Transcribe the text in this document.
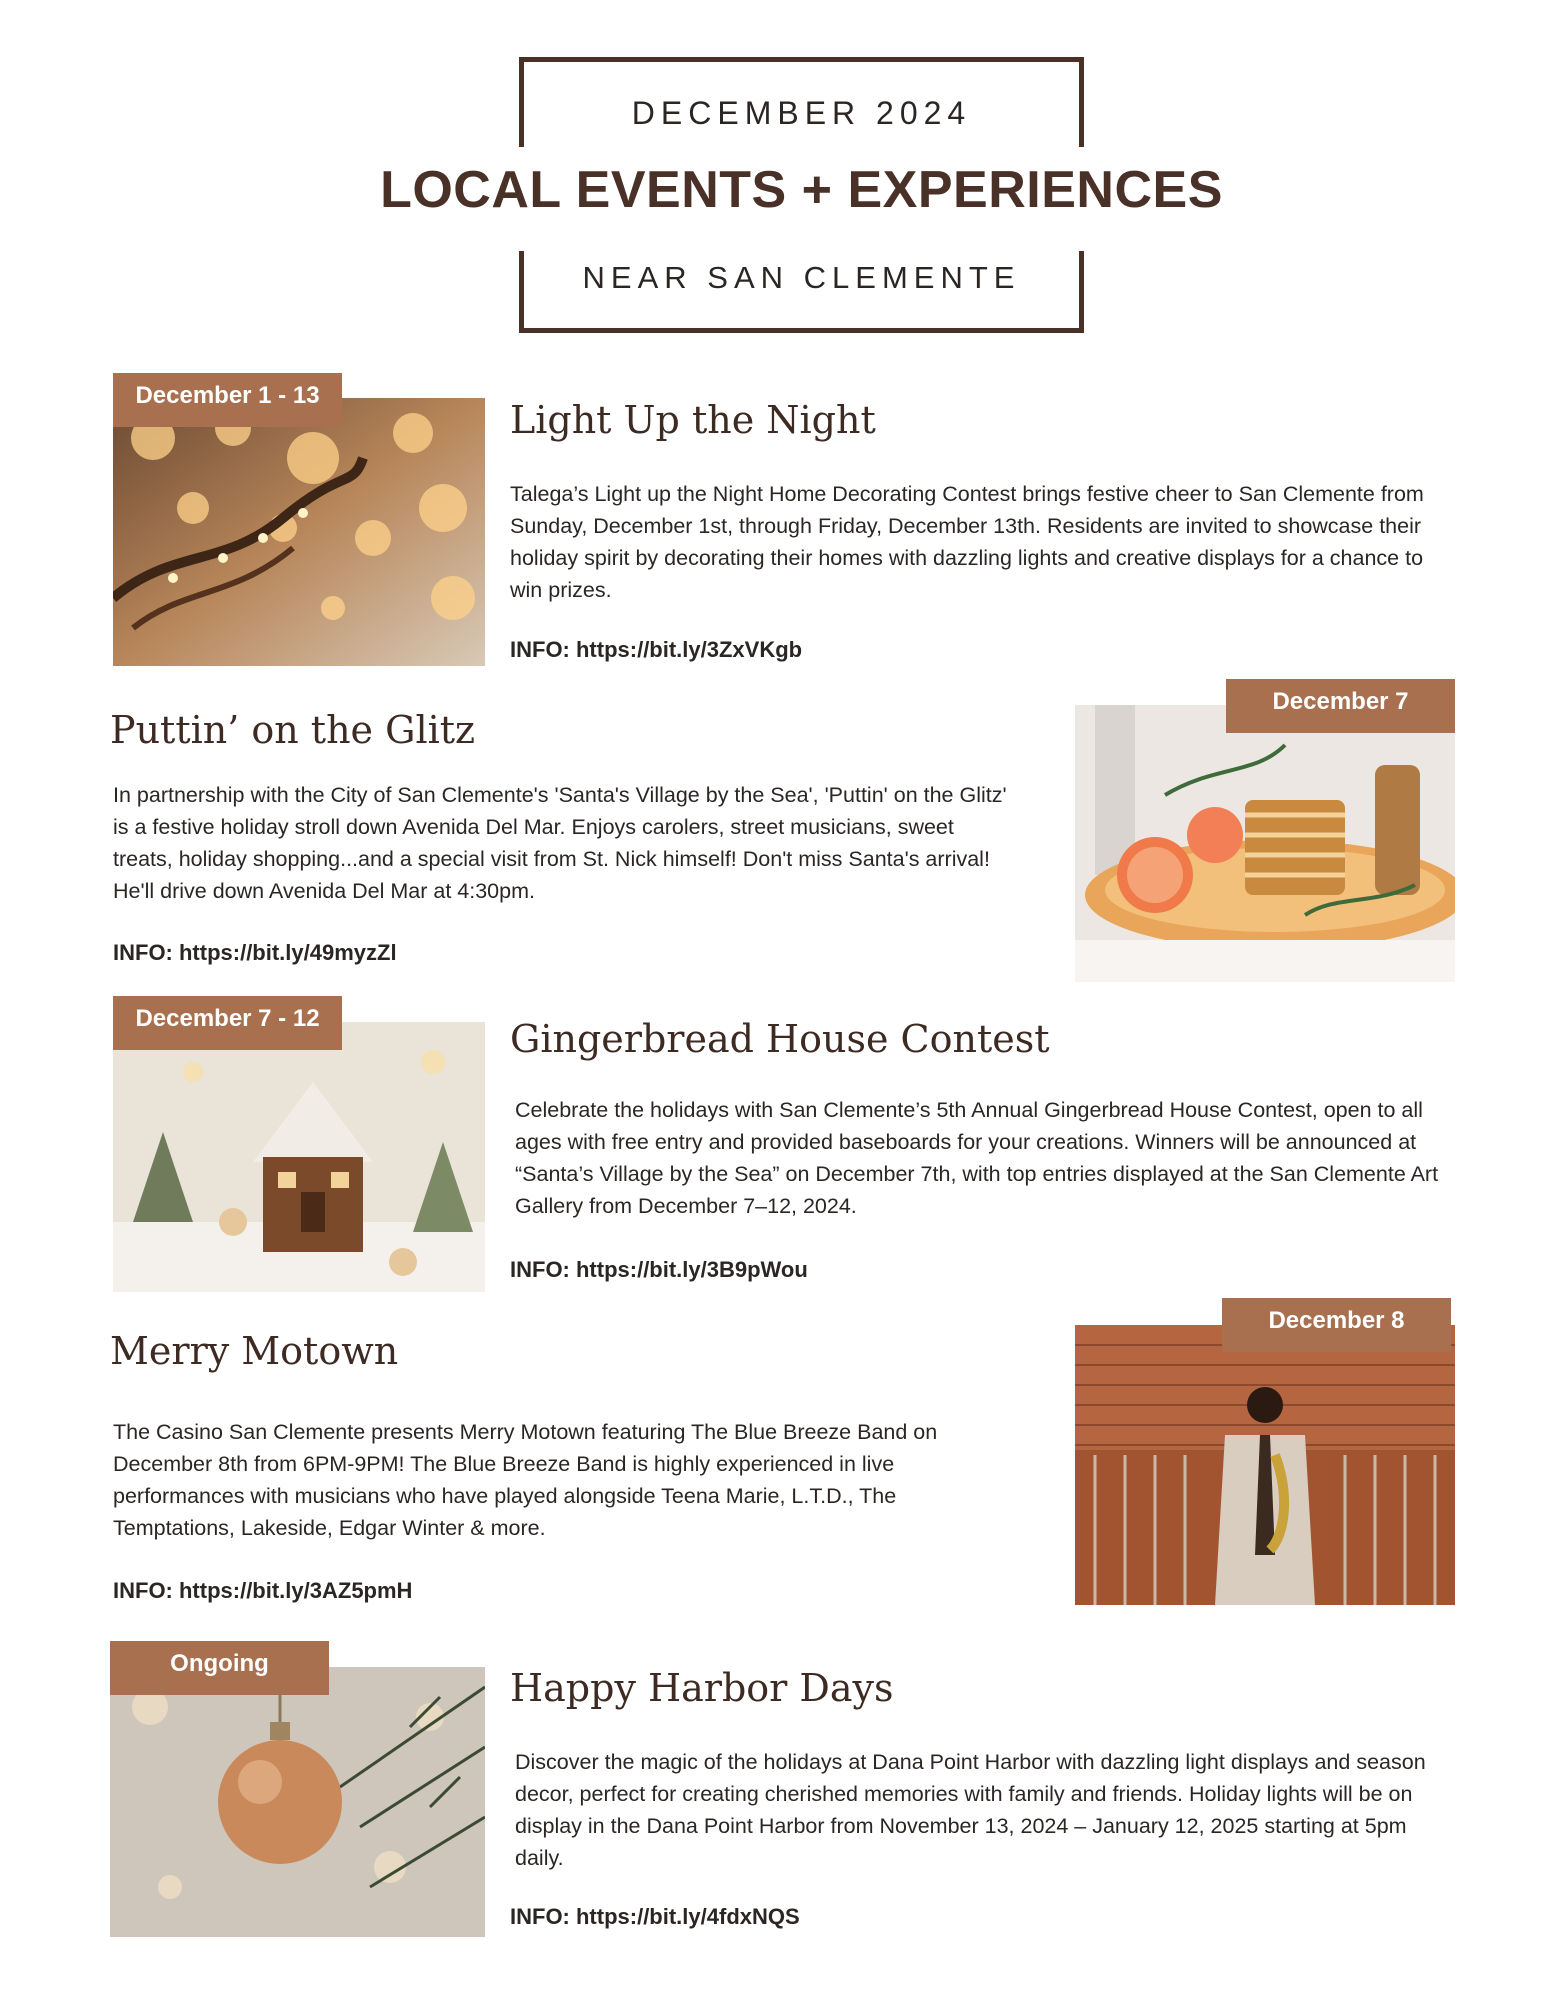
DECEMBER 2024
LOCAL EVENTS + EXPERIENCES
NEAR SAN CLEMENTE
December 1 - 13
Light Up the Night
Talega’s Light up the Night Home Decorating Contest brings festive cheer to San Clemente from Sunday, December 1st, through Friday, December 13th. Residents are invited to showcase their holiday spirit by decorating their homes with dazzling lights and creative displays for a chance to win prizes.
INFO: https://bit.ly/3ZxVKgb
Puttin’ on the Glitz
In partnership with the City of San Clemente's 'Santa's Village by the Sea', 'Puttin' on the Glitz' is a festive holiday stroll down Avenida Del Mar. Enjoys carolers, street musicians, sweet treats, holiday shopping...and a special visit from St. Nick himself! Don't miss Santa's arrival! He'll drive down Avenida Del Mar at 4:30pm.
INFO: https://bit.ly/49myzZl
December 7
December 7 - 12	Gingerbread House Contest
Celebrate the holidays with San Clemente’s 5th Annual Gingerbread House Contest, open to all ages with free entry and provided baseboards for your creations. Winners will be announced at “Santa’s Village by the Sea” on December 7th, with top entries displayed at the San Clemente Art Gallery from December 7–12, 2024.
INFO: https://bit.ly/3B9pWou
Merry Motown
The Casino San Clemente presents Merry Motown featuring The Blue Breeze Band on December 8th from 6PM-9PM! The Blue Breeze Band is highly experienced in live performances with musicians who have played alongside Teena Marie, L.T.D., The Temptations, Lakeside, Edgar Winter & more.
INFO: https://bit.ly/3AZ5pmH
December 8
Ongoing
Happy Harbor Days
Discover the magic of the holidays at Dana Point Harbor with dazzling light displays and season decor, perfect for creating cherished memories with family and friends. Holiday lights will be on display in the Dana Point Harbor from November 13, 2024 – January 12, 2025 starting at 5pm daily.
INFO: https://bit.ly/4fdxNQS
